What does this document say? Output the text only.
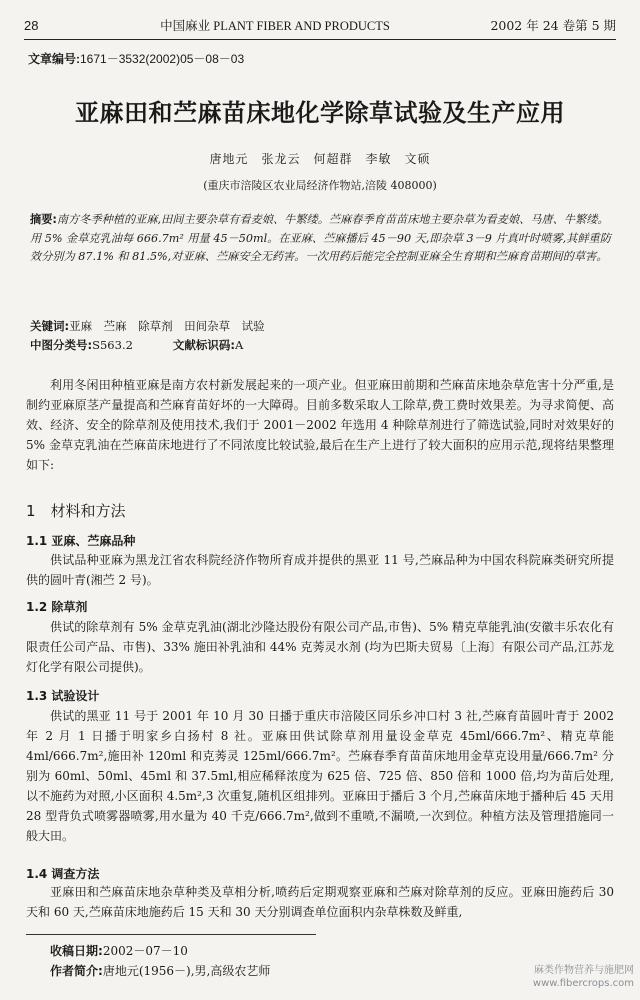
28	中国麻业 PLANT FIBER AND PRODUCTS	2002 年 24 卷第 5 期
文章编号:1671－3532(2002)05－08－03
亚麻田和苎麻苗床地化学除草试验及生产应用
唐地元　张龙云　何超群　李敏　文硕
(重庆市涪陵区农业局经济作物站,涪陵 408000)
摘要:南方冬季种植的亚麻,田间主要杂草有看麦娘、牛繁缕。苎麻春季育苗苗床地主要杂草为看麦娘、马唐、牛繁缕。用 5% 金草克乳油每 666.7m² 用量 45－50ml。在亚麻、苎麻播后 45－90 天,即杂草 3－9 片真叶时喷雾,其鲜重防效分别为 87.1% 和 81.5%,对亚麻、苎麻安全无药害。一次用药后能完全控制亚麻全生育期和苎麻育苗期间的草害。
关键词:亚麻　苎麻　除草剂　田间杂草　试验
中图分类号:S563.2	文献标识码:A
利用冬闲田种植亚麻是南方农村新发展起来的一项产业。但亚麻田前期和苎麻苗床地杂草危害十分严重,是制约亚麻原茎产量提高和苎麻育苗好坏的一大障碍。目前多数采取人工除草,费工费时效果差。为寻求简便、高效、经济、安全的除草剂及使用技术,我们于 2001－2002 年选用 4 种除草剂进行了筛选试验,同时对效果好的 5% 金草克乳油在苎麻苗床地进行了不同浓度比较试验,最后在生产上进行了较大面积的应用示范,现将结果整理如下:
1　材料和方法
1.1 亚麻、苎麻品种
供试品种亚麻为黑龙江省农科院经济作物所育成并提供的黑亚 11 号,苎麻品种为中国农科院麻类研究所提供的圆叶青(湘苎 2 号)。
1.2 除草剂
供试的除草剂有 5% 金草克乳油(湖北沙隆达股份有限公司产品,市售)、5% 精克草能乳油(安徽丰乐农化有限责任公司产品、市售)、33% 施田补乳油和 44% 克莠灵水剂 (均为巴斯夫贸易〔上海〕有限公司产品,江苏龙灯化学有限公司提供)。
1.3 试验设计
供试的黑亚 11 号于 2001 年 10 月 30 日播于重庆市涪陵区同乐乡冲口村 3 社,苎麻育苗圆叶青于 2002 年 2 月 1 日播于明家乡白扬村 8 社。亚麻田供试除草剂用量设金草克 45ml/666.7m²、精克草能 4ml/666.7m²,施田补 120ml 和克莠灵 125ml/666.7m²。苎麻春季育苗苗床地用金草克设用量/666.7m² 分别为 60ml、50ml、45ml 和 37.5ml,相应稀释浓度为 625 倍、725 倍、850 倍和 1000 倍,均为苗后处理,以不施药为对照,小区面积 4.5m²,3 次重复,随机区组排列。亚麻田于播后 3 个月,苎麻苗床地于播种后 45 天用 28 型背负式喷雾器喷雾,用水量为 40 千克/666.7m²,做到不重喷,不漏喷,一次到位。种植方法及管理措施同一般大田。
1.4 调查方法
亚麻田和苎麻苗床地杂草种类及草相分析,喷药后定期观察亚麻和苎麻对除草剂的反应。亚麻田施药后 30 天和 60 天,苎麻苗床地施药后 15 天和 30 天分别调查单位面积内杂草株数及鲜重,
收稿日期:2002－07－10
作者简介:唐地元(1956－),男,高级农艺师	麻类作物营养与施肥网
www.fibercrops.com
